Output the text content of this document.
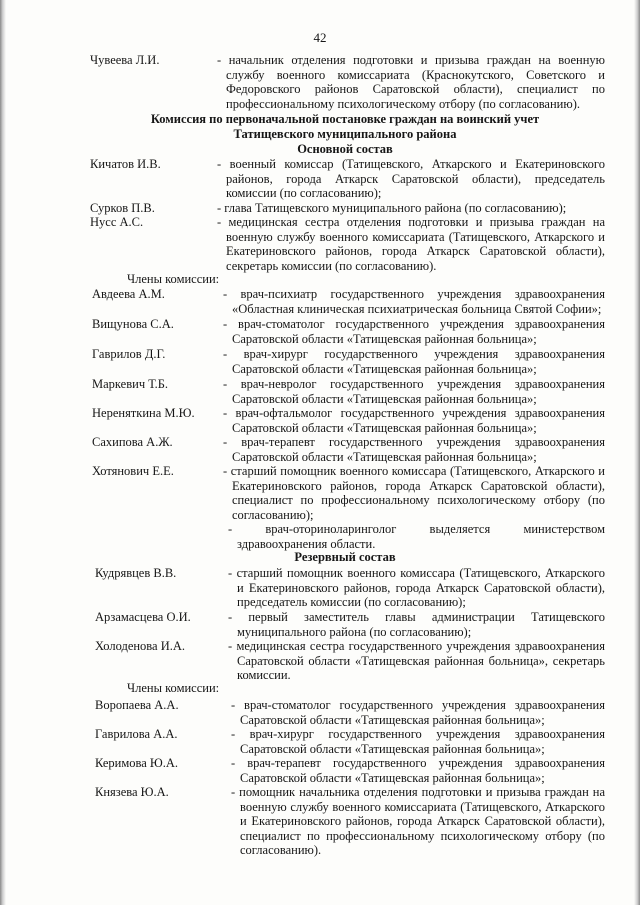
42
Чувеева Л.И.	- начальник отделения подготовки и призыва граждан на военную службу военного комиссариата (Краснокутского, Советского и Федоровского районов Саратовской области), специалист по профессиональному психологическому отбору (по согласованию).
Комиссия по первоначальной постановке граждан на воинский учет
Татищевского муниципального района
Основной состав
Кичатов И.В.	- военный комиссар (Татищевского, Аткарского и Екатериновского районов, города Аткарск Саратовской области), председатель комиссии (по согласованию);
Сурков П.В.	- глава Татищевского муниципального района (по согласованию);
Нусс А.С.	- медицинская сестра отделения подготовки и призыва граждан на военную службу военного комиссариата (Татищевского, Аткарского и Екатериновского районов, города Аткарск Саратовской области), секретарь комиссии (по согласованию).
Члены комиссии:
Авдеева А.М.	- врач-психиатр государственного учреждения здравоохранения «Областная клиническая психиатрическая больница Святой Софии»;
Вищунова С.А.	- врач-стоматолог государственного учреждения здравоохранения Саратовской области «Татищевская районная больница»;
Гаврилов Д.Г.	- врач-хирург государственного учреждения здравоохранения Саратовской области «Татищевская районная больница»;
Маркевич Т.Б.	- врач-невролог государственного учреждения здравоохранения Саратовской области «Татищевская районная больница»;
Нереняткина М.Ю. - врач-офтальмолог государственного учреждения здравоохранения Саратовской области «Татищевская районная больница»;
Сахипова А.Ж.	- врач-терапевт государственного учреждения здравоохранения Саратовской области «Татищевская районная больница»;
Хотянович Е.Е.	- старший помощник военного комиссара (Татищевского, Аткарского и Екатериновского районов, города Аткарск Саратовской области), специалист по профессиональному психологическому отбору (по согласованию);
- врач-оториноларинголог выделяется министерством здравоохранения области.
Резервный состав
Кудрявцев В.В.	- старший помощник военного комиссара (Татищевского, Аткарского и Екатериновского районов, города Аткарск Саратовской области), председатель комиссии (по согласованию);
Арзамасцева О.И.	- первый заместитель главы администрации Татищевского муниципального района (по согласованию);
Холоденова И.А.	- медицинская сестра государственного учреждения здравоохранения Саратовской области «Татищевская районная больница», секретарь комиссии.
Члены комиссии:
Воропаева А.А.	- врач-стоматолог государственного учреждения здравоохранения Саратовской области «Татищевская районная больница»;
Гаврилова А.А.	- врач-хирург государственного учреждения здравоохранения Саратовской области «Татищевская районная больница»;
Керимова Ю.А.	- врач-терапевт государственного учреждения здравоохранения Саратовской области «Татищевская районная больница»;
Князева Ю.А.	- помощник начальника отделения подготовки и призыва граждан на военную службу военного комиссариата (Татищевского, Аткарского и Екатериновского районов, города Аткарск Саратовской области), специалист по профессиональному психологическому отбору (по согласованию).
